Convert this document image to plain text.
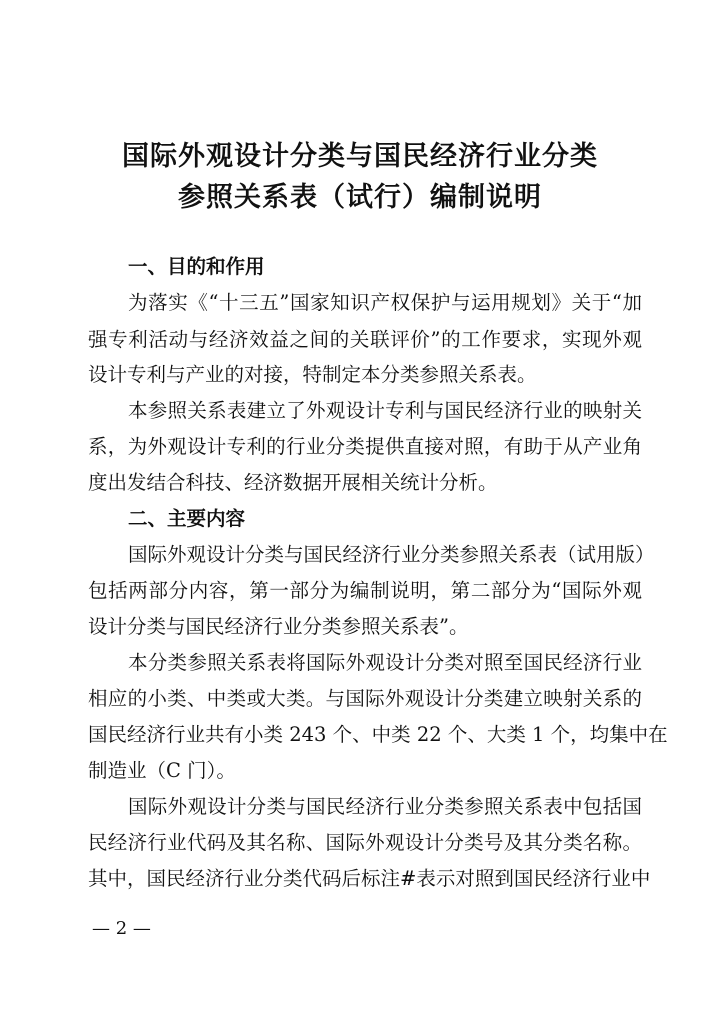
国际外观设计分类与国民经济行业分类
参照关系表（试行）编制说明
一、目的和作用
为落实《“十三五”国家知识产权保护与运用规划》关于“加
强专利活动与经济效益之间的关联评价”的工作要求，实现外观
设计专利与产业的对接，特制定本分类参照关系表。
本参照关系表建立了外观设计专利与国民经济行业的映射关
系，为外观设计专利的行业分类提供直接对照，有助于从产业角
度出发结合科技、经济数据开展相关统计分析。
二、主要内容
国际外观设计分类与国民经济行业分类参照关系表（试用版）
包括两部分内容，第一部分为编制说明，第二部分为“国际外观
设计分类与国民经济行业分类参照关系表”。
本分类参照关系表将国际外观设计分类对照至国民经济行业
相应的小类、中类或大类。与国际外观设计分类建立映射关系的
国民经济行业共有小类 243 个、中类 22 个、大类 1 个，均集中在
制造业（C 门）。
国际外观设计分类与国民经济行业分类参照关系表中包括国
民经济行业代码及其名称、国际外观设计分类号及其分类名称。
其中，国民经济行业分类代码后标注#表示对照到国民经济行业中
— 2 —
